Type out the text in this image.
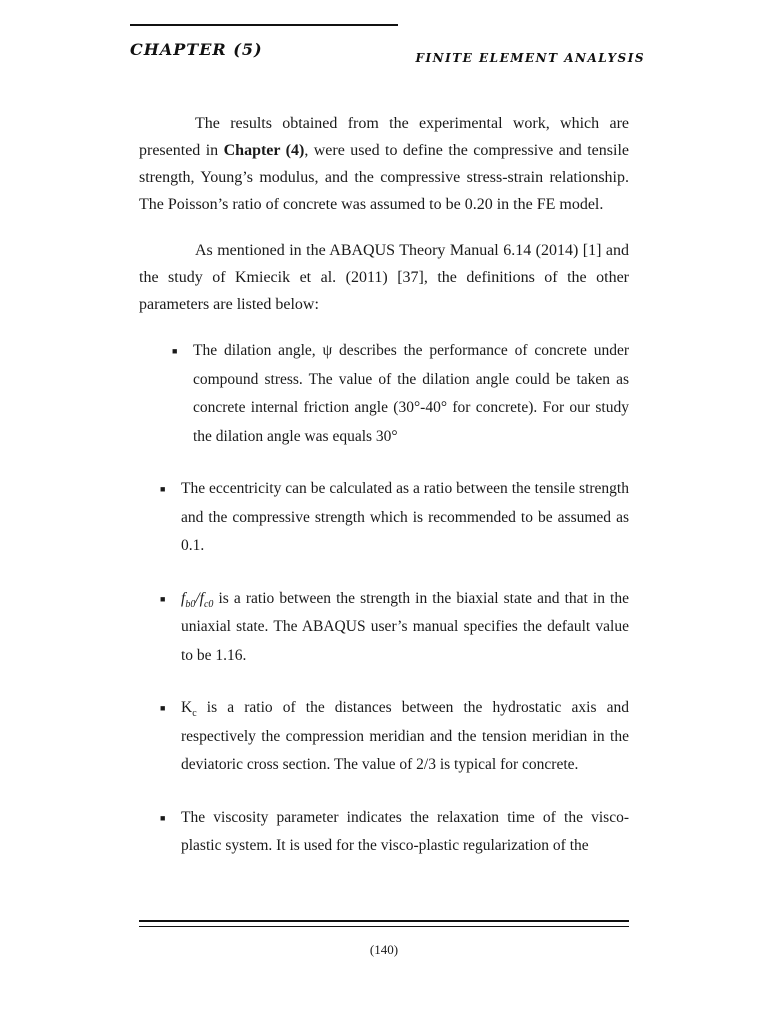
CHAPTER (5)	FINITE ELEMENT ANALYSIS

The results obtained from the experimental work, which are presented in Chapter (4), were used to define the compressive and tensile strength, Young’s modulus, and the compressive stress-strain relationship. The Poisson’s ratio of concrete was assumed to be 0.20 in the FE model.

As mentioned in the ABAQUS Theory Manual 6.14 (2014) [1] and the study of Kmiecik et al. (2011) [37], the definitions of the other parameters are listed below:

■
The dilation angle, ψ describes the performance of concrete under compound stress. The value of the dilation angle could be taken as concrete internal friction angle (30°-40° for concrete). For our study the dilation angle was equals 30°
■
The eccentricity can be calculated as a ratio between the tensile strength and the compressive strength which is recommended to be assumed as 0.1.
■
$f_{b0}/f_{c0}$ is a ratio between the strength in the biaxial state and that in the uniaxial state. The ABAQUS user’s manual specifies the default value to be 1.16.
■
$K_c$ is a ratio of the distances between the hydrostatic axis and respectively the compression meridian and the tension meridian in the deviatoric cross section. The value of 2/3 is typical for concrete.
■
The viscosity parameter indicates the relaxation time of the visco-plastic system. It is used for the visco-plastic regularization of the
(140)
